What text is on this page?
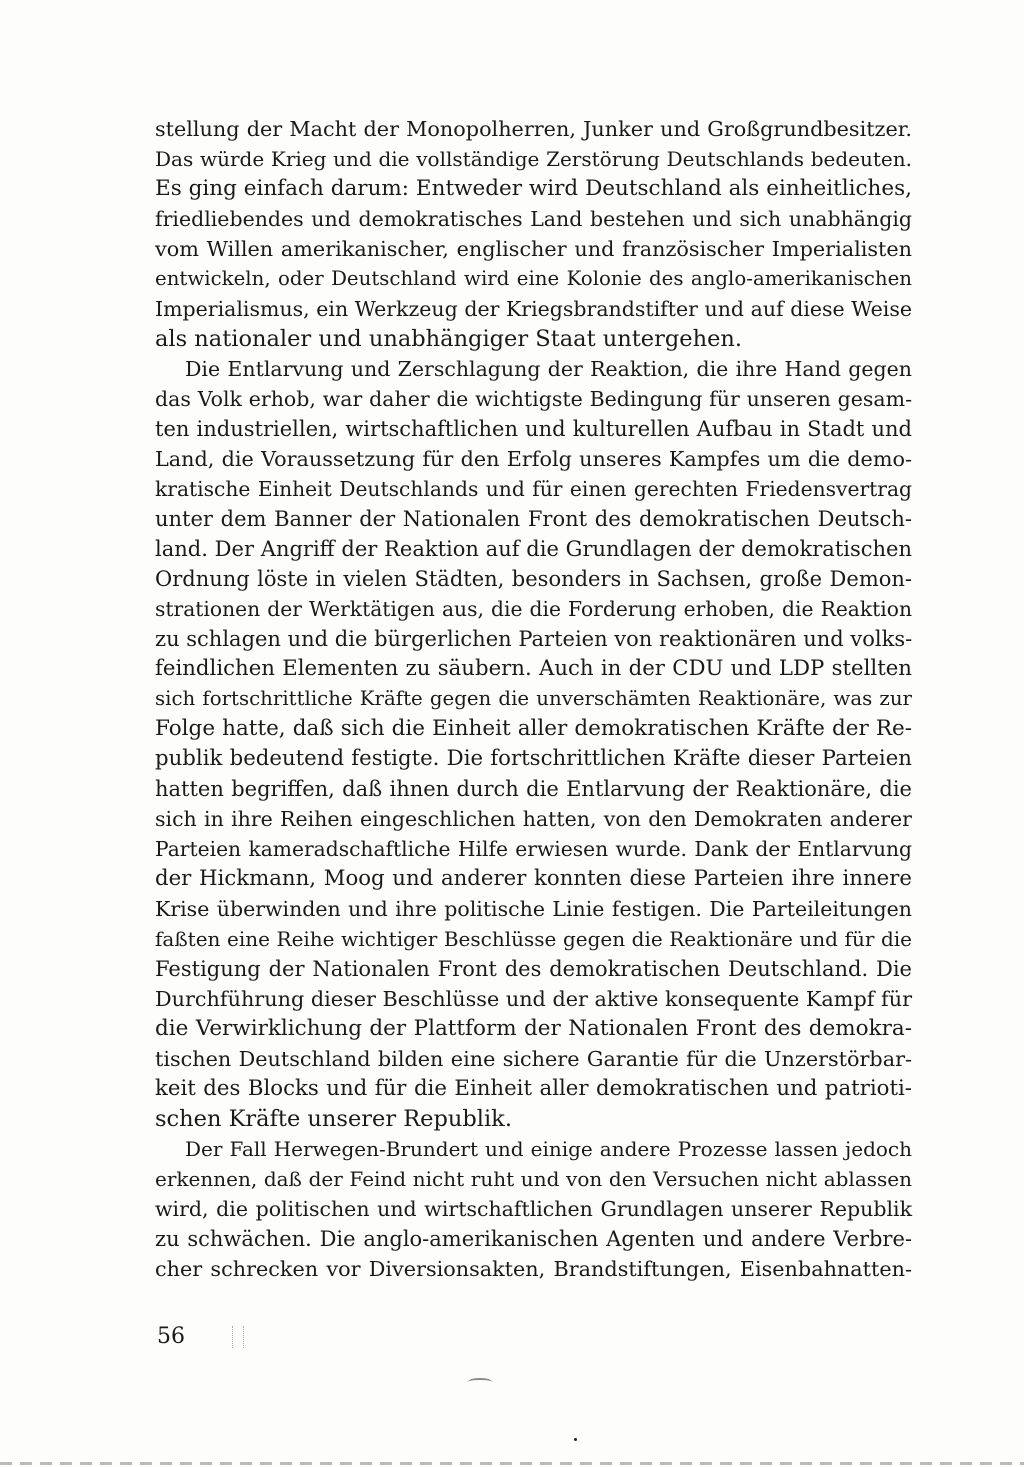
stellung der Macht der Monopolherren, Junker und Großgrundbesitzer.
Das würde Krieg und die vollständige Zerstörung Deutschlands bedeuten.
Es ging einfach darum: Entweder wird Deutschland als einheitliches,
friedliebendes und demokratisches Land bestehen und sich unabhängig
vom Willen amerikanischer, englischer und französischer Imperialisten
entwickeln, oder Deutschland wird eine Kolonie des anglo-amerikanischen
Imperialismus, ein Werkzeug der Kriegsbrandstifter und auf diese Weise
als nationaler und unabhängiger Staat untergehen.
Die Entlarvung und Zerschlagung der Reaktion, die ihre Hand gegen
das Volk erhob, war daher die wichtigste Bedingung für unseren gesam-
ten industriellen, wirtschaftlichen und kulturellen Aufbau in Stadt und
Land, die Voraussetzung für den Erfolg unseres Kampfes um die demo-
kratische Einheit Deutschlands und für einen gerechten Friedensvertrag
unter dem Banner der Nationalen Front des demokratischen Deutsch-
land. Der Angriff der Reaktion auf die Grundlagen der demokratischen
Ordnung löste in vielen Städten, besonders in Sachsen, große Demon-
strationen der Werktätigen aus, die die Forderung erhoben, die Reaktion
zu schlagen und die bürgerlichen Parteien von reaktionären und volks-
feindlichen Elementen zu säubern. Auch in der CDU und LDP stellten
sich fortschrittliche Kräfte gegen die unverschämten Reaktionäre, was zur
Folge hatte, daß sich die Einheit aller demokratischen Kräfte der Re-
publik bedeutend festigte. Die fortschrittlichen Kräfte dieser Parteien
hatten begriffen, daß ihnen durch die Entlarvung der Reaktionäre, die
sich in ihre Reihen eingeschlichen hatten, von den Demokraten anderer
Parteien kameradschaftliche Hilfe erwiesen wurde. Dank der Entlarvung
der Hickmann, Moog und anderer konnten diese Parteien ihre innere
Krise überwinden und ihre politische Linie festigen. Die Parteileitungen
faßten eine Reihe wichtiger Beschlüsse gegen die Reaktionäre und für die
Festigung der Nationalen Front des demokratischen Deutschland. Die
Durchführung dieser Beschlüsse und der aktive konsequente Kampf für
die Verwirklichung der Plattform der Nationalen Front des demokra-
tischen Deutschland bilden eine sichere Garantie für die Unzerstörbar-
keit des Blocks und für die Einheit aller demokratischen und patrioti-
schen Kräfte unserer Republik.
Der Fall Herwegen-Brundert und einige andere Prozesse lassen jedoch
erkennen, daß der Feind nicht ruht und von den Versuchen nicht ablassen
wird, die politischen und wirtschaftlichen Grundlagen unserer Republik
zu schwächen. Die anglo-amerikanischen Agenten und andere Verbre-
cher schrecken vor Diversionsakten, Brandstiftungen, Eisenbahnatten-
56
